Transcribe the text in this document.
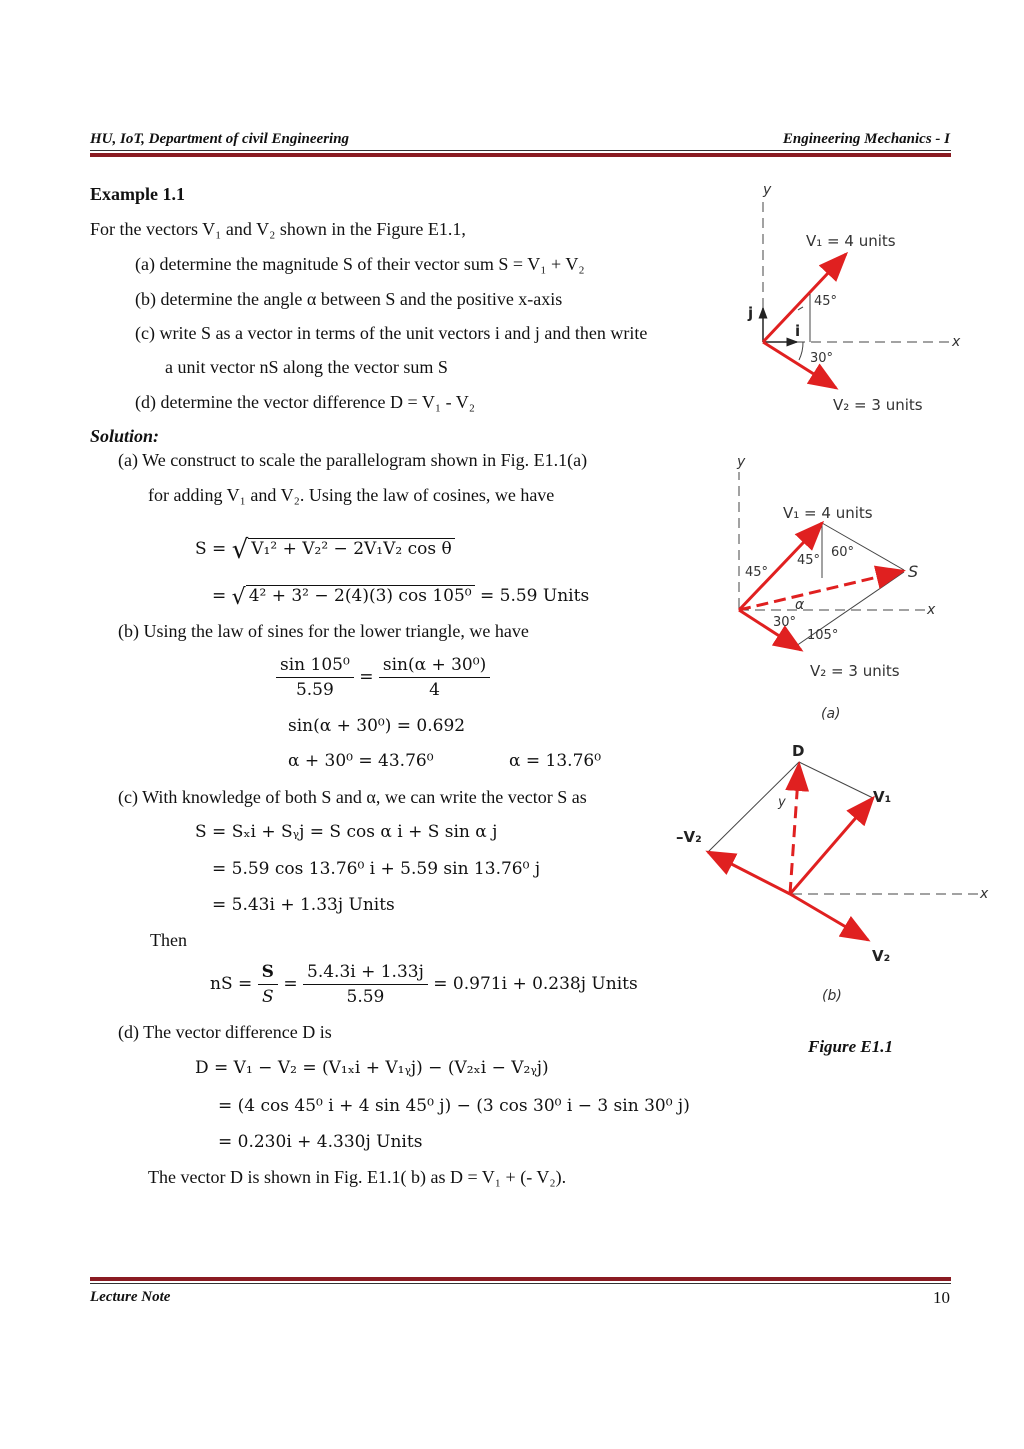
HU, IoT, Department of civil Engineering	Engineering Mechanics - I
Example 1.1
For the vectors V₁ and V₂ shown in the Figure E1.1,
(a) determine the magnitude S of their vector sum S = V₁ + V₂
(b) determine the angle α between S and the positive x-axis
(c) write S as a vector in terms of the unit vectors i and j and then write
a unit vector nS along the vector sum S
(d) determine the vector difference D = V₁ - V₂
Solution:
(a) We construct to scale the parallelogram shown in Fig. E1.1(a)
for adding V₁ and V₂. Using the law of cosines, we have
S = √ V₁² + V₂² − 2V₁V₂ cos θ
= √ 4² + 3² − 2(4)(3) cos 105⁰ = 5.59 Units
(b) Using the law of sines for the lower triangle, we have
$\frac{\text{sin 105⁰}}{5.59} = \frac{\text{sin(α + 30⁰)}}{4}$
sin(α + 30⁰) = 0.692
α + 30⁰ = 43.76⁰	α = 13.76⁰
(c) With knowledge of both S and α, we can write the vector S as
S = Sₓi + Sᵧj = S cos α i + S sin α j
= 5.59 cos 13.76⁰ i + 5.59 sin 13.76⁰ j
= 5.43i + 1.33j Units
Then
nS = $\frac{S}{S} = \frac{5.4.3i + 1.33j}{5.59} = 0.971i + 0.238j$ Units
(d) The vector difference D is
D = V₁ − V₂ = (V₁ₓi + V₁ᵧj) − (V₂ₓi − V₂ᵧj)
= (4 cos 45⁰ i + 4 sin 45⁰ j) − (3 cos 30⁰ i − 3 sin 30⁰ j)
= 0.230i + 4.330j Units
The vector D is shown in Fig. E1.1( b) as D = V₁ + (- V₂).
y
x
j
i
V₁ = 4 units
V₂ = 3 units
45°
30°
y
x
V₁ = 4 units
V₂ = 3 units
S
α
45°
45°
60°
30°
105°
(a)
D
y
x
V₁
–V₂
V₂
(b)
Figure E1.1
Lecture Note	10
